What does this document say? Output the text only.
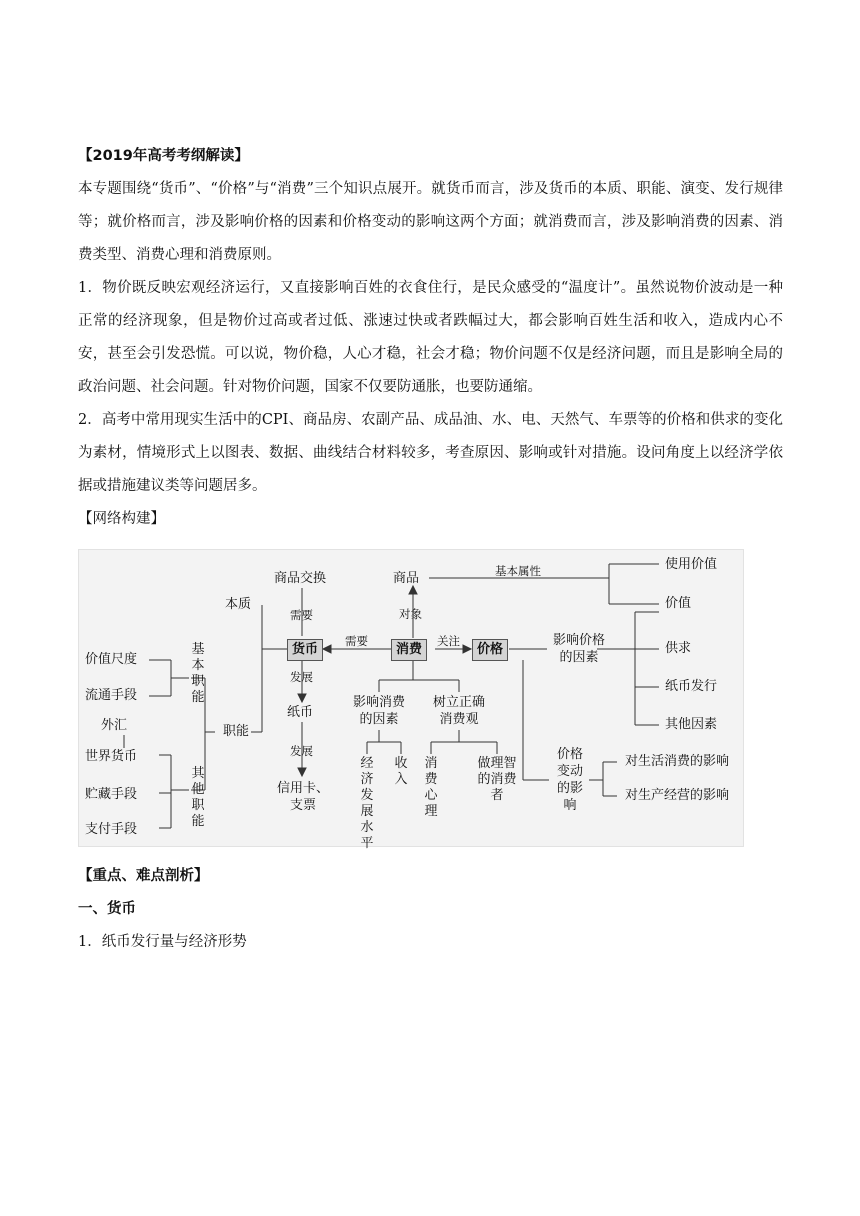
【2019年高考考纲解读】
本专题围绕“货币”、“价格”与“消费”三个知识点展开。就货币而言，涉及货币的本质、职能、演变、发行规律等；就价格而言，涉及影响价格的因素和价格变动的影响这两个方面；就消费而言，涉及影响消费的因素、消费类型、消费心理和消费原则。
1．物价既反映宏观经济运行，又直接影响百姓的衣食住行，是民众感受的“温度计”。虽然说物价波动是一种正常的经济现象，但是物价过高或者过低、涨速过快或者跌幅过大，都会影响百姓生活和收入，造成内心不安，甚至会引发恐慌。可以说，物价稳，人心才稳，社会才稳；物价问题不仅是经济问题，而且是影响全局的政治问题、社会问题。针对物价问题，国家不仅要防通胀，也要防通缩。
2．高考中常用现实生活中的CPI、商品房、农副产品、成品油、水、电、天然气、车票等的价格和供求的变化为素材，情境形式上以图表、数据、曲线结合材料较多，考查原因、影响或针对措施。设问角度上以经济学依据或措施建议类等问题居多。
【网络构建】
商品交换
需要
本质
货币
需要
消费
关注
价格
商品
对象
基本属性	使用价值
价值
影响价格的因素
供求
纸币发行
其他因素
价格变动的影响
对生活消费的影响
对生产经营的影响
价值尺度
流通手段
基本职能
职能
外汇
世界货币
贮藏手段
支付手段
其他职能
发展
纸币
发展
信用卡、支票
影响消费的因素
树立正确消费观
经济发展水平
收入
消费心理
做理智的消费者
【重点、难点剖析】
一、货币
1．纸币发行量与经济形势
